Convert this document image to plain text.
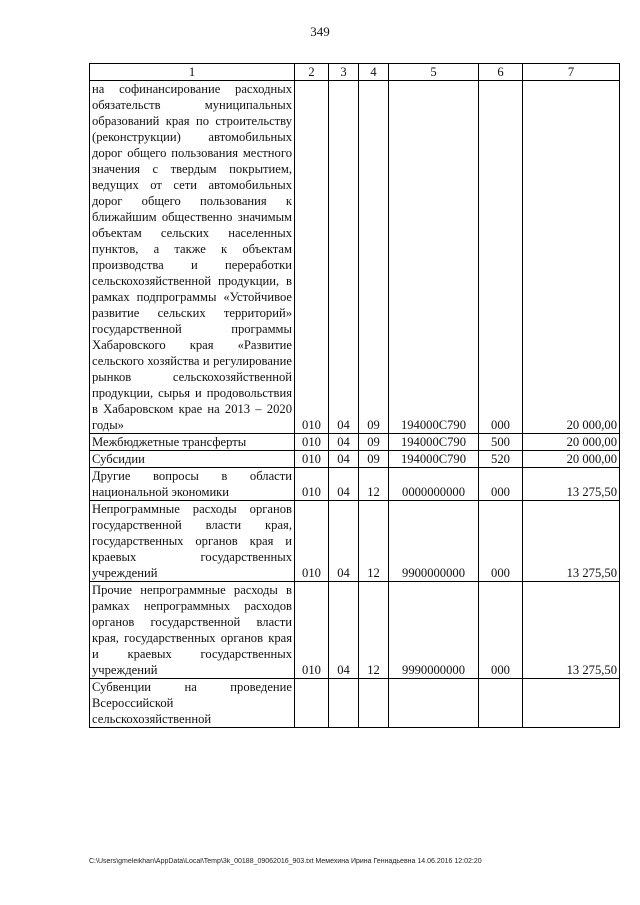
349
1	2	3	4	5	6	7
на софинансирование расходных обязательств муниципальных образований края по строительству (реконструкции) автомобильных дорог общего пользования местного значения с твердым покрытием, ведущих от сети автомобильных дорог общего пользования к ближайшим общественно значимым объектам сельских населенных пунктов, а также к объектам производства и переработки сельскохозяйственной продукции, в рамках подпрограммы «Устойчивое развитие сельских территорий» государственной программы Хабаровского края «Развитие сельского хозяйства и регулирование рынков сельскохозяйственной продукции, сырья и продовольствия в Хабаровском крае на 2013 – 2020 годы»	010	04	09	194000С790	000	20 000,00
Межбюджетные трансферты	010	04	09	194000С790	500	20 000,00
Субсидии	010	04	09	194000С790	520	20 000,00
Другие вопросы в области национальной экономики	010	04	12	0000000000	000	13 275,50
Непрограммные расходы органов государственной власти края, государственных органов края и краевых государственных учреждений	010	04	12	9900000000	000	13 275,50
Прочие непрограммные расходы в рамках непрограммных расходов органов государственной власти края, государственных органов края и краевых государственных учреждений	010	04	12	9990000000	000	13 275,50
Субвенции на проведение Всероссийской сельскохозяйственной						
C:\Users\gmeleikhan\AppData\Local\Temp\3k_00188_09062016_903.txt Мемехина Ирина Геннадьевна 14.06.2016 12:02:20
